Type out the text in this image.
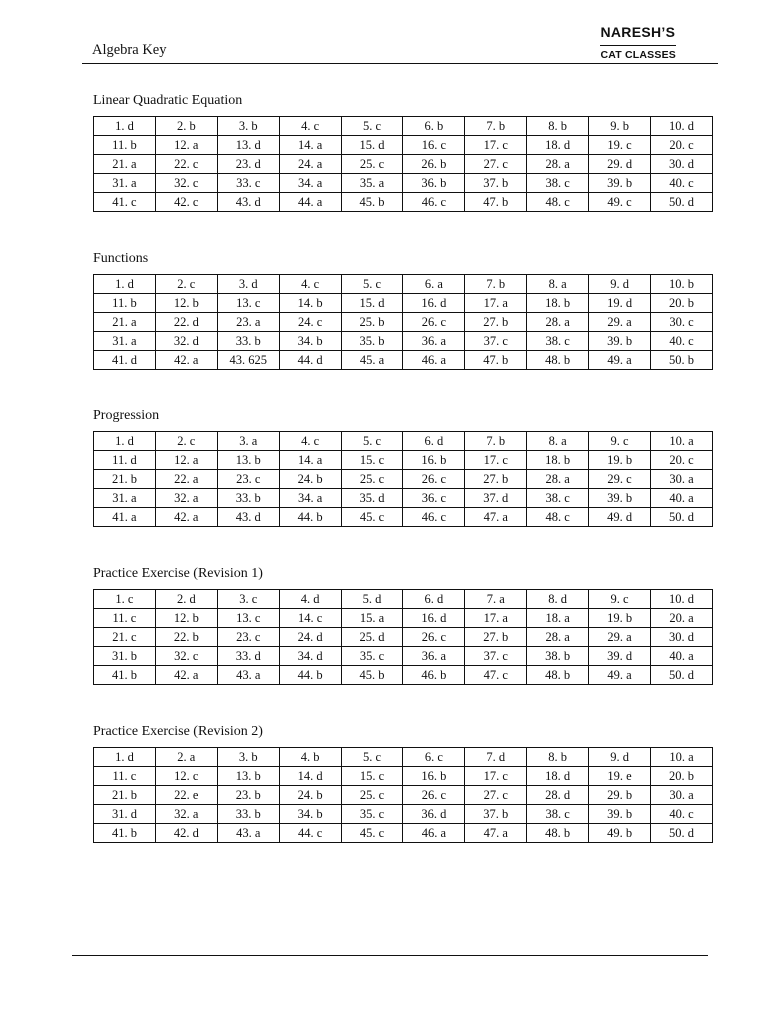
Algebra Key
NARESH’S
CAT CLASSES
Linear Quadratic Equation
1. d	2. b	3. b	4. c	5. c	6. b	7. b	8. b	9. b	10. d
11. b	12. a	13. d	14. a	15. d	16. c	17. c	18. d	19. c	20. c
21. a	22. c	23. d	24. a	25. c	26. b	27. c	28. a	29. d	30. d
31. a	32. c	33. c	34. a	35. a	36. b	37. b	38. c	39. b	40. c
41. c	42. c	43. d	44. a	45. b	46. c	47. b	48. c	49. c	50. d
Functions
1. d	2. c	3. d	4. c	5. c	6. a	7. b	8. a	9. d	10. b
11. b	12. b	13. c	14. b	15. d	16. d	17. a	18. b	19. d	20. b
21. a	22. d	23. a	24. c	25. b	26. c	27. b	28. a	29. a	30. c
31. a	32. d	33. b	34. b	35. b	36. a	37. c	38. c	39. b	40. c
41. d	42. a	43. 625	44. d	45. a	46. a	47. b	48. b	49. a	50. b
Progression
1. d	2. c	3. a	4. c	5. c	6. d	7. b	8. a	9. c	10. a
11. d	12. a	13. b	14. a	15. c	16. b	17. c	18. b	19. b	20. c
21. b	22. a	23. c	24. b	25. c	26. c	27. b	28. a	29. c	30. a
31. a	32. a	33. b	34. a	35. d	36. c	37. d	38. c	39. b	40. a
41. a	42. a	43. d	44. b	45. c	46. c	47. a	48. c	49. d	50. d
Practice Exercise (Revision 1)
1. c	2. d	3. c	4. d	5. d	6. d	7. a	8. d	9. c	10. d
11. c	12. b	13. c	14. c	15. a	16. d	17. a	18. a	19. b	20. a
21. c	22. b	23. c	24. d	25. d	26. c	27. b	28. a	29. a	30. d
31. b	32. c	33. d	34. d	35. c	36. a	37. c	38. b	39. d	40. a
41. b	42. a	43. a	44. b	45. b	46. b	47. c	48. b	49. a	50. d
Practice Exercise (Revision 2)
1. d	2. a	3. b	4. b	5. c	6. c	7. d	8. b	9. d	10. a
11. c	12. c	13. b	14. d	15. c	16. b	17. c	18. d	19. e	20. b
21. b	22. e	23. b	24. b	25. c	26. c	27. c	28. d	29. b	30. a
31. d	32. a	33. b	34. b	35. c	36. d	37. b	38. c	39. b	40. c
41. b	42. d	43. a	44. c	45. c	46. a	47. a	48. b	49. b	50. d
